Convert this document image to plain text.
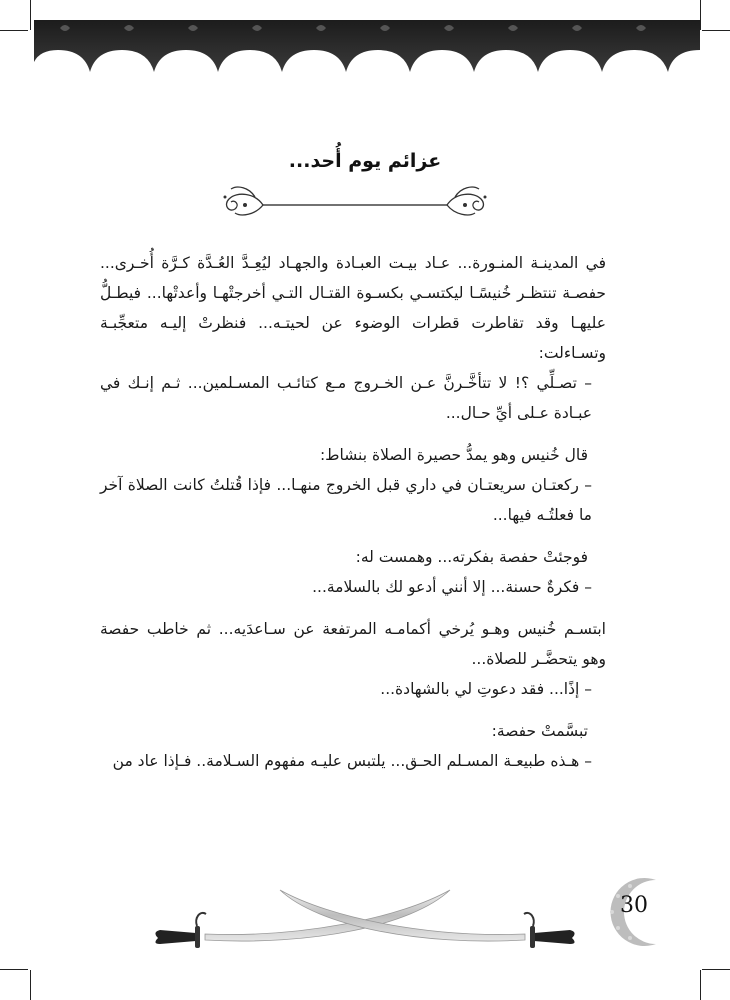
عزائم يوم أُحد...

في المدينـة المنـورة... عـاد بيـت العبـادة والجهـاد ليُعِـدَّ العُـدَّة كـرَّة أُخـرى... حفصـة تنتظـر خُنيسًـا ليكتسـي بكسـوة القتـال التـي أخرجتْهـا وأعدتْها... فيطـلُّ عليهـا وقد تقاطرت قطرات الوضوء عن لحيتـه... فنظرتْ إليـه متعجِّبـة وتسـاءلت:

– تصـلِّي ؟! لا تتأخَّـرنَّ عـن الخـروج مـع كتائـب المسـلمين... ثـم إنـك في عبـادة عـلى أيِّ حـال...

قال خُنيس وهو يمدُّ حصيرة الصلاة بنشاط:

– ركعتـان سريعتـان في داري قبل الخروج منهـا... فإذا قُتلتُ كانت الصلاة آخر ما فعلتُـه فيها...

فوجئتْ حفصة بفكرته... وهمست له:

– فكرةٌ حسنة... إلا أنني أدعو لك بالسلامة...

ابتسـم خُنيس وهـو يُرخي أكمامـه المرتفعة عن سـاعدَيه... ثم خاطب حفصة وهو يتحضَّـر للصلاة...

– إذًا... فقد دعوتِ لي بالشهادة...

تبسَّمتْ حفصة:

– هـذه طبيعـة المسـلم الحـق... يلتبس عليـه مفهوم السـلامة.. فـإذا عاد من

30
